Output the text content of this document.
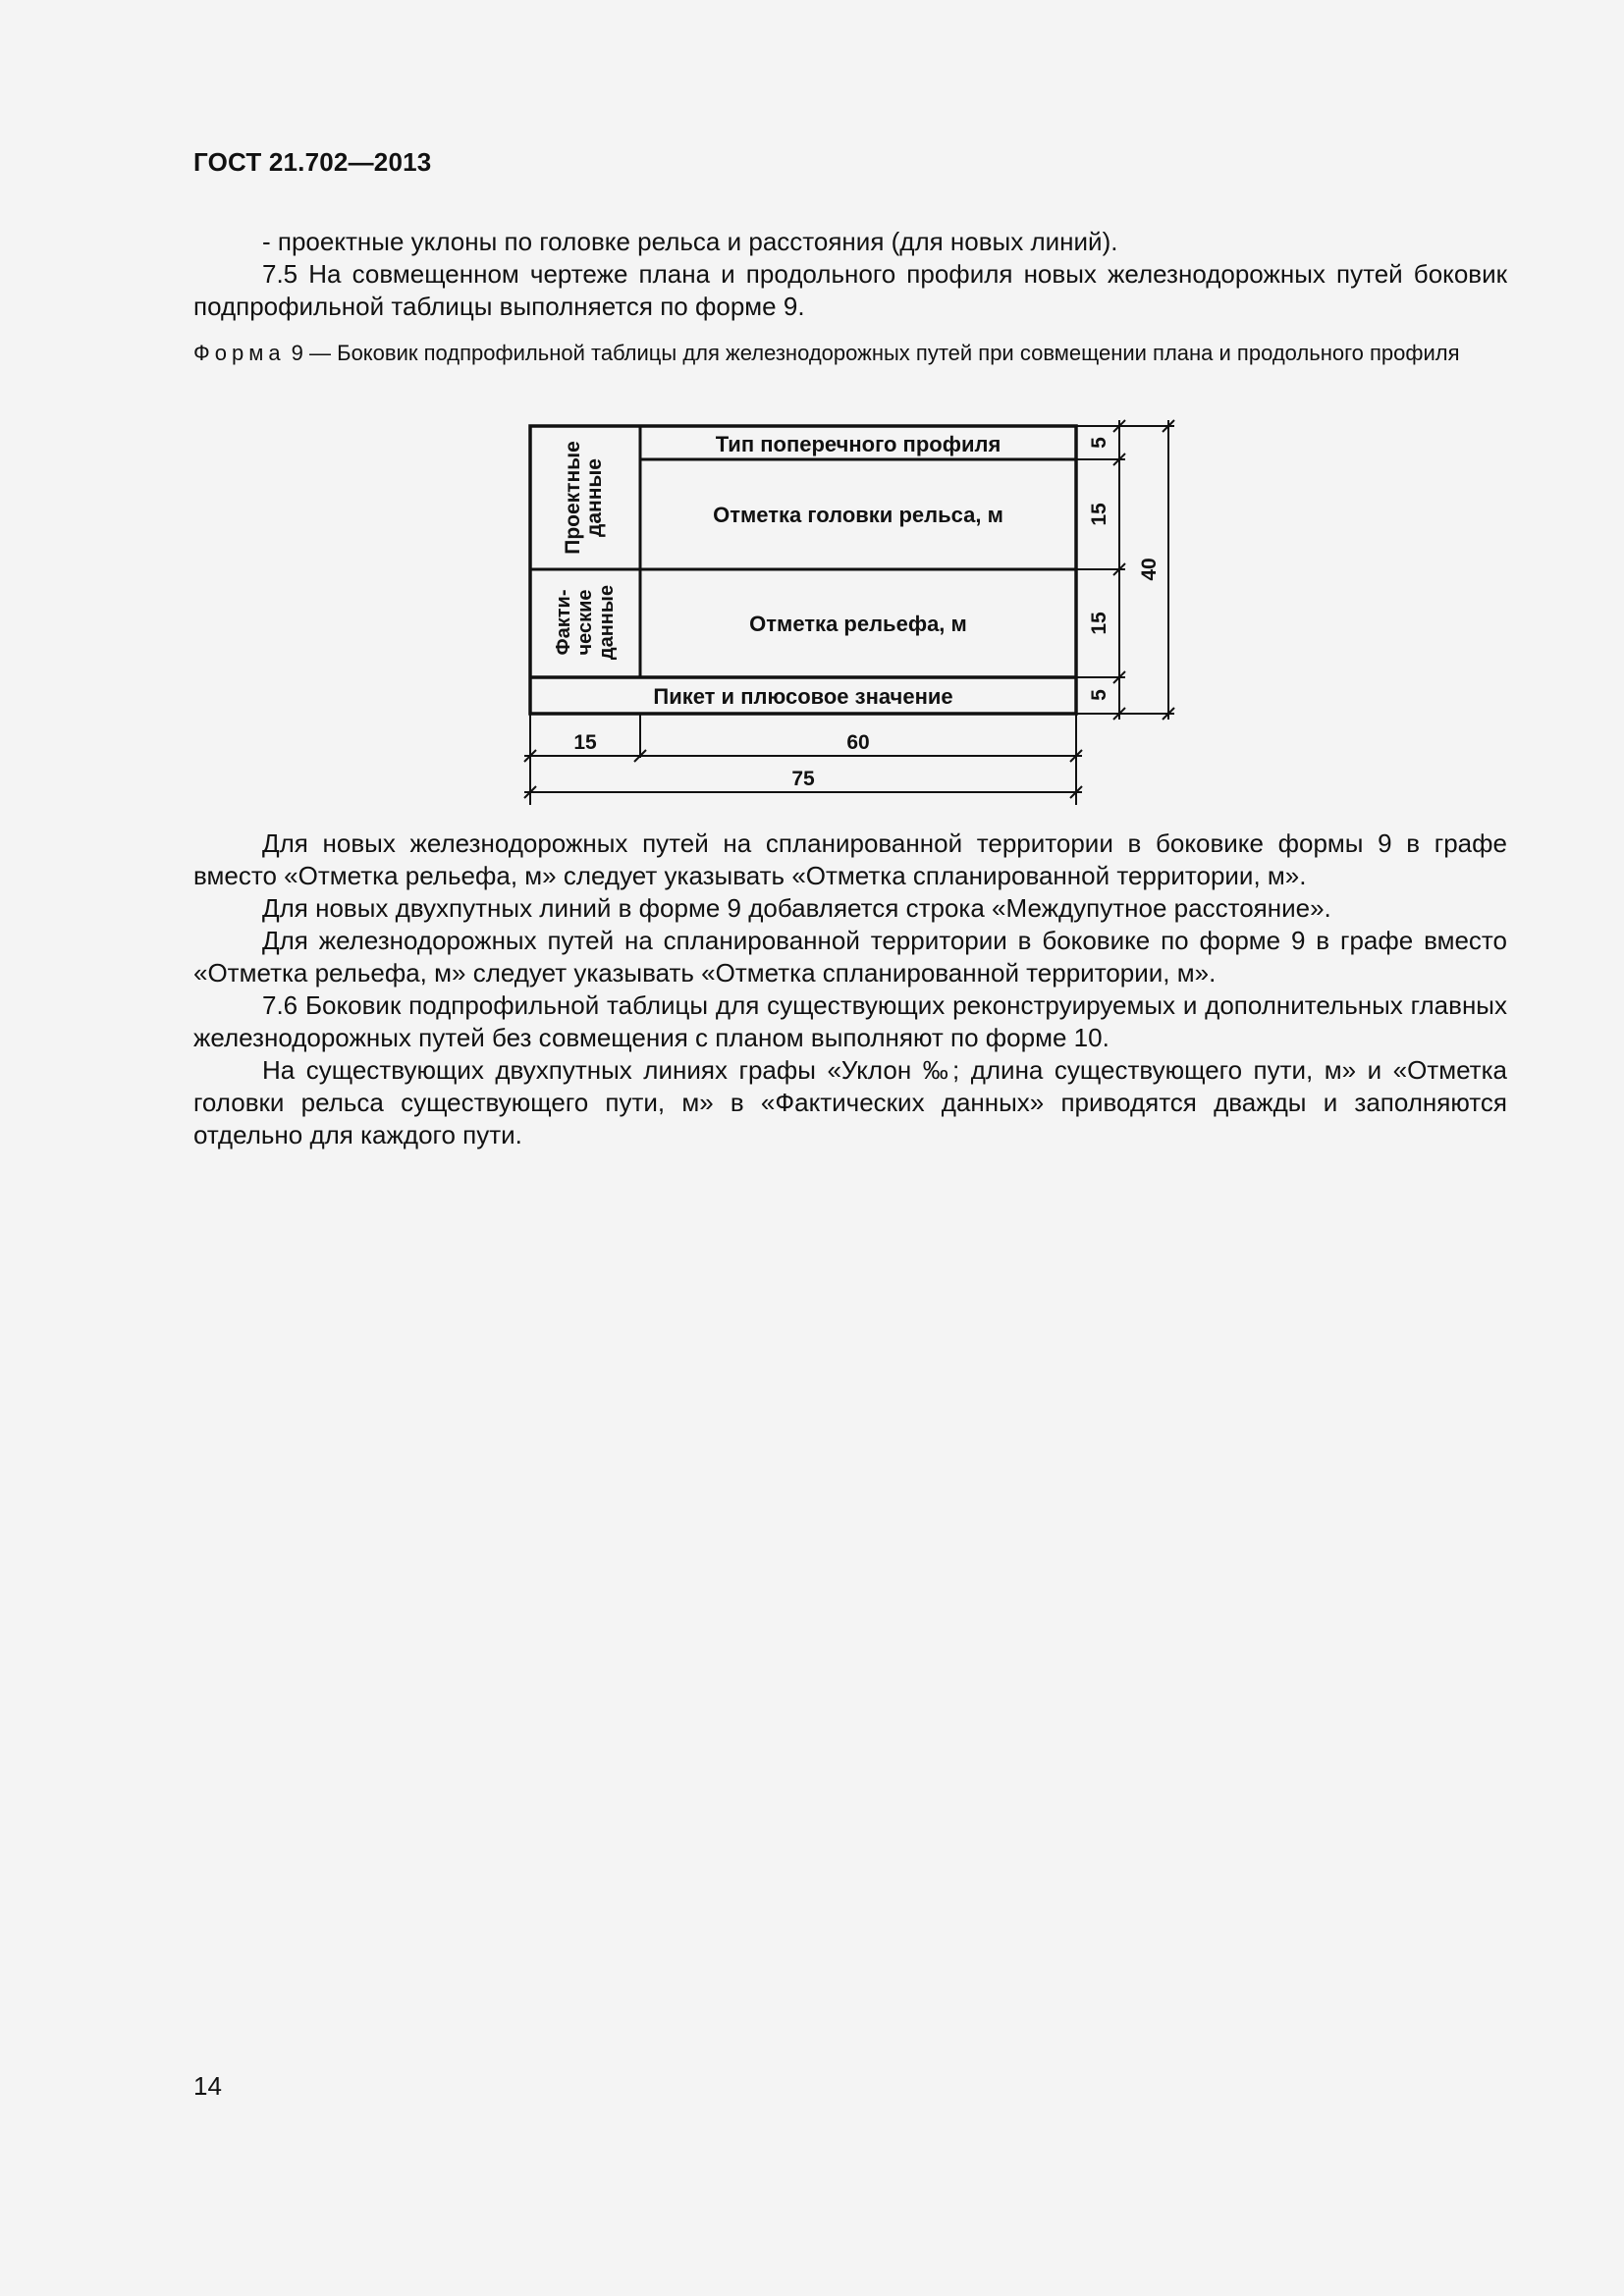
ГОСТ 21.702—2013

- проектные уклоны по головке рельса и расстояния (для новых линий).

7.5 На совмещенном чертеже плана и продольного профиля новых железнодорожных путей боковик подпрофильной таблицы выполняется по форме 9.

Форма 9 — Боковик подпрофильной таблицы для железнодорожных путей при совмещении плана и продольного профиля
Тип поперечного профиля
Отметка головки рельса, м
Отметка рельефа, м
Пикет и плюсовое значение
Проектные данные
Факти- ческие данные
5
15
15
5
40
15	60
75

Для новых железнодорожных путей на спланированной территории в боковике формы 9 в графе вместо «Отметка рельефа, м» следует указывать «Отметка спланированной территории, м».

Для новых двухпутных линий в форме 9 добавляется строка «Междупутное расстояние».

Для железнодорожных путей на спланированной территории в боковике по форме 9 в графе вместо «Отметка рельефа, м» следует указывать «Отметка спланированной территории, м».

7.6 Боковик подпрофильной таблицы для существующих реконструируемых и дополнительных главных железнодорожных путей без совмещения с планом выполняют по форме 10.

На существующих двухпутных линиях графы «Уклон ‰; длина существующего пути, м» и «Отметка головки рельса существующего пути, м» в «Фактических данных» приводятся дважды и заполняются отдельно для каждого пути.

14
